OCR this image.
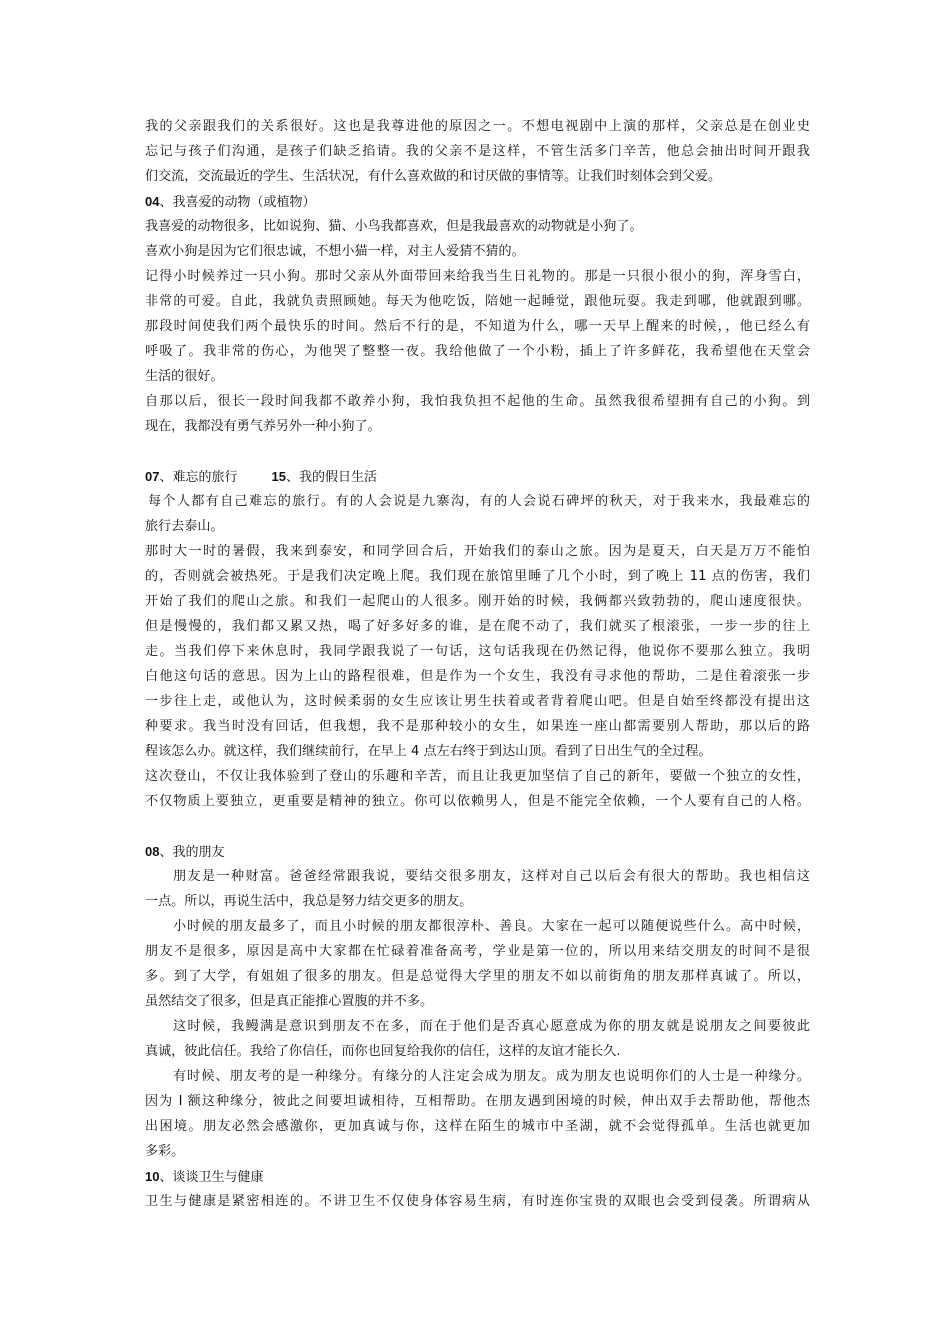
我的父亲跟我们的关系很好。这也是我尊进他的原因之一。不想电视剧中上演的那样，父亲总是在创业史
忘记与孩子们沟通，是孩子们缺乏掐请。我的父亲不是这样，不管生活多门辛苦，他总会抽出时间开跟我
们交流，交流最近的学生、生活状况，有什么喜欢做的和讨厌做的事情等。让我们时刻体会到父爱。
04、我喜爱的动物（或植物）
我喜爱的动物很多，比如说狗、猫、小鸟我都喜欢，但是我最喜欢的动物就是小狗了。
喜欢小狗是因为它们很忠诚，不想小猫一样，对主人爱猜不猜的。
记得小时候养过一只小狗。那时父亲从外面带回来给我当生日礼物的。那是一只很小很小的狗，浑身雪白，
非常的可爱。自此，我就负责照顾她。每天为他吃饭，陪她一起睡觉，跟他玩耍。我走到哪，他就跟到哪。
那段时间使我们两个最快乐的时间。然后不行的是，不知道为什么，哪一天早上醒来的时候，，他已经么有
呼吸了。我非常的伤心，为他哭了整整一夜。我给他做了一个小粉，插上了许多鲜花，我希望他在天堂会
生活的很好。
自那以后，很长一段时间我都不敢养小狗，我怕我负担不起他的生命。虽然我很希望拥有自己的小狗。到
现在，我都没有勇气养另外一种小狗了。
07、难忘的旅行	15、我的假日生活
每个人都有自己难忘的旅行。有的人会说是九寨沟，有的人会说石碑坪的秋天，对于我来水，我最难忘的
旅行去泰山。
那时大一时的暑假，我来到泰安，和同学回合后，开始我们的泰山之旅。因为是夏天，白天是万万不能怕
的，否则就会被热死。于是我们决定晚上爬。我们现在旅馆里睡了几个小时，到了晚上 11 点的伤害，我们
开始了我们的爬山之旅。和我们一起爬山的人很多。刚开始的时候，我俩都兴致勃勃的，爬山速度很快。
但是慢慢的，我们都又累又热，喝了好多好多的谁，是在爬不动了，我们就买了根滚张，一步一步的往上
走。当我们停下来休息时，我同学跟我说了一句话，这句话我现在仍然记得，他说你不要那么独立。我明
白他这句话的意思。因为上山的路程很难，但是作为一个女生，我没有寻求他的帮助，二是住着滚张一步
一步往上走，或他认为，这时候柔弱的女生应该让男生扶着或者背着爬山吧。但是自始至终都没有提出这
种要求。我当时没有回话，但我想，我不是那种较小的女生，如果连一座山都需要别人帮助，那以后的路
程该怎么办。就这样，我们继续前行，在早上 4 点左右终于到达山顶。看到了日出生气的全过程。
这次登山，不仅让我体验到了登山的乐趣和辛苦，而且让我更加坚信了自己的新年，要做一个独立的女性，
不仅物质上要独立，更重要是精神的独立。你可以依赖男人，但是不能完全依赖，一个人要有自己的人格。
08、我的朋友
朋友是一种财富。爸爸经常跟我说，要结交很多朋友，这样对自己以后会有很大的帮助。我也相信这
一点。所以，再说生活中，我总是努力结交更多的朋友。
小时候的朋友最多了，而且小时候的朋友都很淳朴、善良。大家在一起可以随便说些什么。高中时候，
朋友不是很多，原因是高中大家都在忙碌着准备高考，学业是第一位的，所以用来结交朋友的时间不是很
多。到了大学，有姐姐了很多的朋友。但是总觉得大学里的朋友不如以前街角的朋友那样真诚了。所以，
虽然结交了很多，但是真正能推心置腹的并不多。
这时候，我鳗满是意识到朋友不在多，而在于他们是否真心愿意成为你的朋友就是说朋友之间要彼此
真诚，彼此信任。我给了你信任，而你也回复给我你的信任，这样的友谊才能长久.
有时候、朋友考的是一种缘分。有缘分的人注定会成为朋友。成为朋友也说明你们的人士是一种缘分。
因为 I 额这种缘分，彼此之间要坦诚相待，互相帮助。在朋友遇到困境的时候，伸出双手去帮助他，帮他杰
出困境。朋友必然会感激你，更加真诚与你，这样在陌生的城市中圣湖，就不会觉得孤单。生活也就更加
多彩。
10、谈谈卫生与健康
卫生与健康是紧密相连的。不讲卫生不仅使身体容易生病，有时连你宝贵的双眼也会受到侵袭。所谓病从
